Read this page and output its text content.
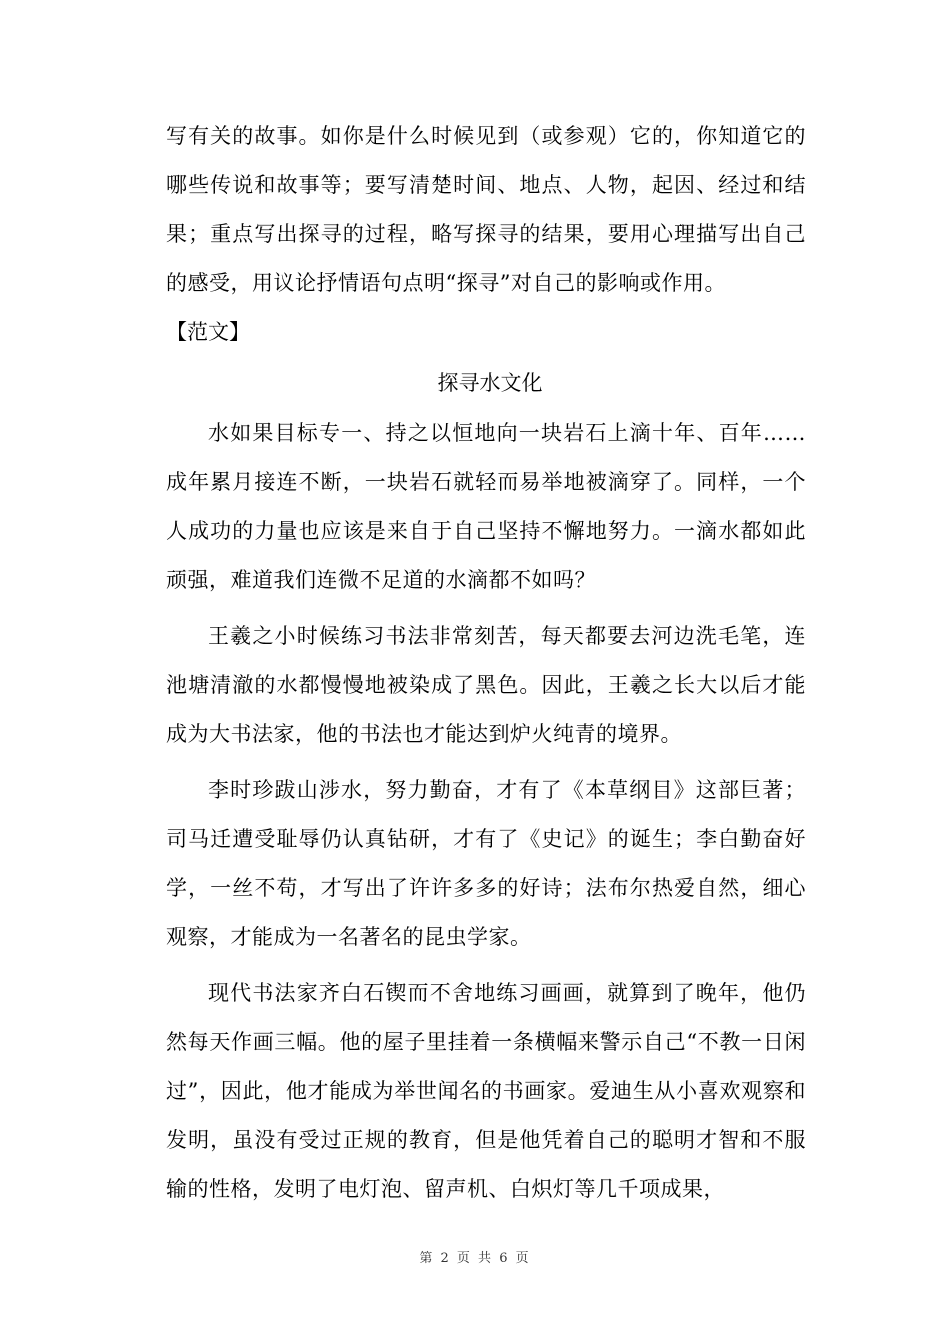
写有关的故事。如你是什么时候见到（或参观）它的，你知道它的哪些传说和故事等；要写清楚时间、地点、人物，起因、经过和结果；重点写出探寻的过程，略写探寻的结果，要用心理描写出自己的感受，用议论抒情语句点明“探寻”对自己的影响或作用。

【范文】

探寻水文化

水如果目标专一、持之以恒地向一块岩石上滴十年、百年……成年累月接连不断，一块岩石就轻而易举地被滴穿了。同样，一个人成功的力量也应该是来自于自己坚持不懈地努力。一滴水都如此顽强，难道我们连微不足道的水滴都不如吗？

王羲之小时候练习书法非常刻苦，每天都要去河边洗毛笔，连池塘清澈的水都慢慢地被染成了黑色。因此，王羲之长大以后才能成为大书法家，他的书法也才能达到炉火纯青的境界。

李时珍跋山涉水，努力勤奋，才有了《本草纲目》这部巨著；司马迁遭受耻辱仍认真钻研，才有了《史记》的诞生；李白勤奋好学，一丝不苟，才写出了许许多多的好诗；法布尔热爱自然，细心观察，才能成为一名著名的昆虫学家。

现代书法家齐白石锲而不舍地练习画画，就算到了晚年，他仍然每天作画三幅。他的屋子里挂着一条横幅来警示自己“不教一日闲过”，因此，他才能成为举世闻名的书画家。爱迪生从小喜欢观察和发明，虽没有受过正规的教育，但是他凭着自己的聪明才智和不服输的性格，发明了电灯泡、留声机、白炽灯等几千项成果，

第 2 页 共 6 页
